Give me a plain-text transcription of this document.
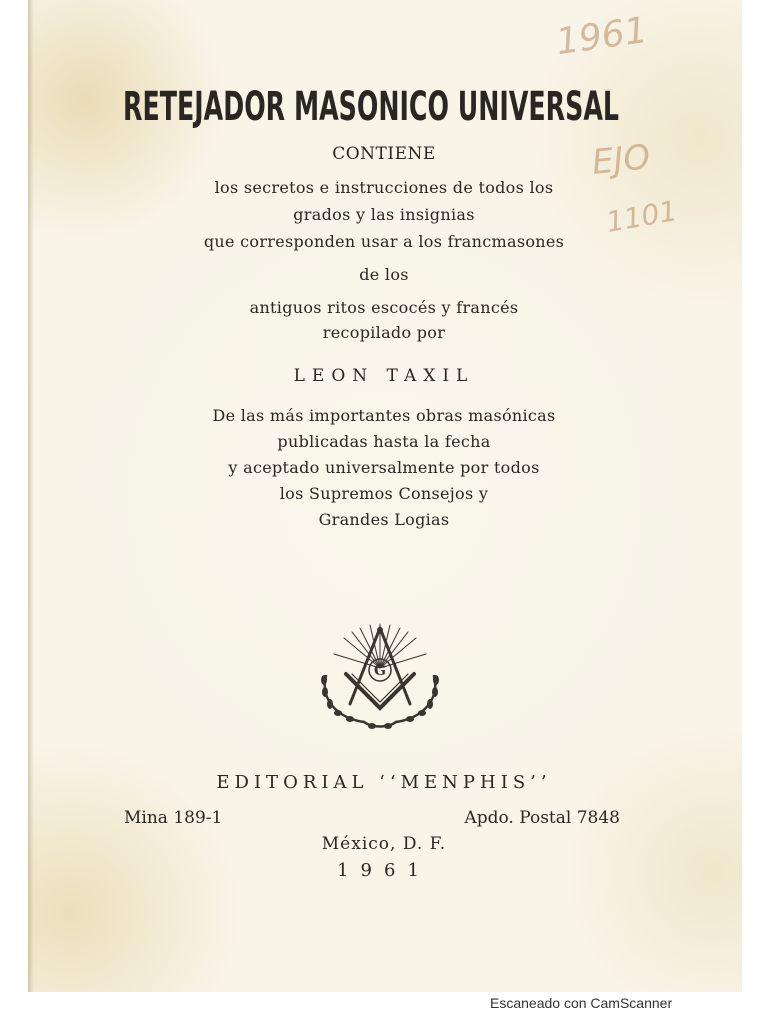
1961
EJO
1101
RETEJADOR MASONICO UNIVERSAL
CONTIENE
los secretos e instrucciones de todos los
grados y las insignias
que corresponden usar a los francmasones
de los
antiguos ritos escocés y francés
recopilado por
LEON TAXIL
De las más importantes obras masónicas
publicadas hasta la fecha
y aceptado universalmente por todos
los Supremos Consejos y
Grandes Logias
G
EDITORIAL ‘‘MENPHIS’’
Mina 189-1	Apdo. Postal 7848
México, D. F.
1961
Escaneado con CamScanner
